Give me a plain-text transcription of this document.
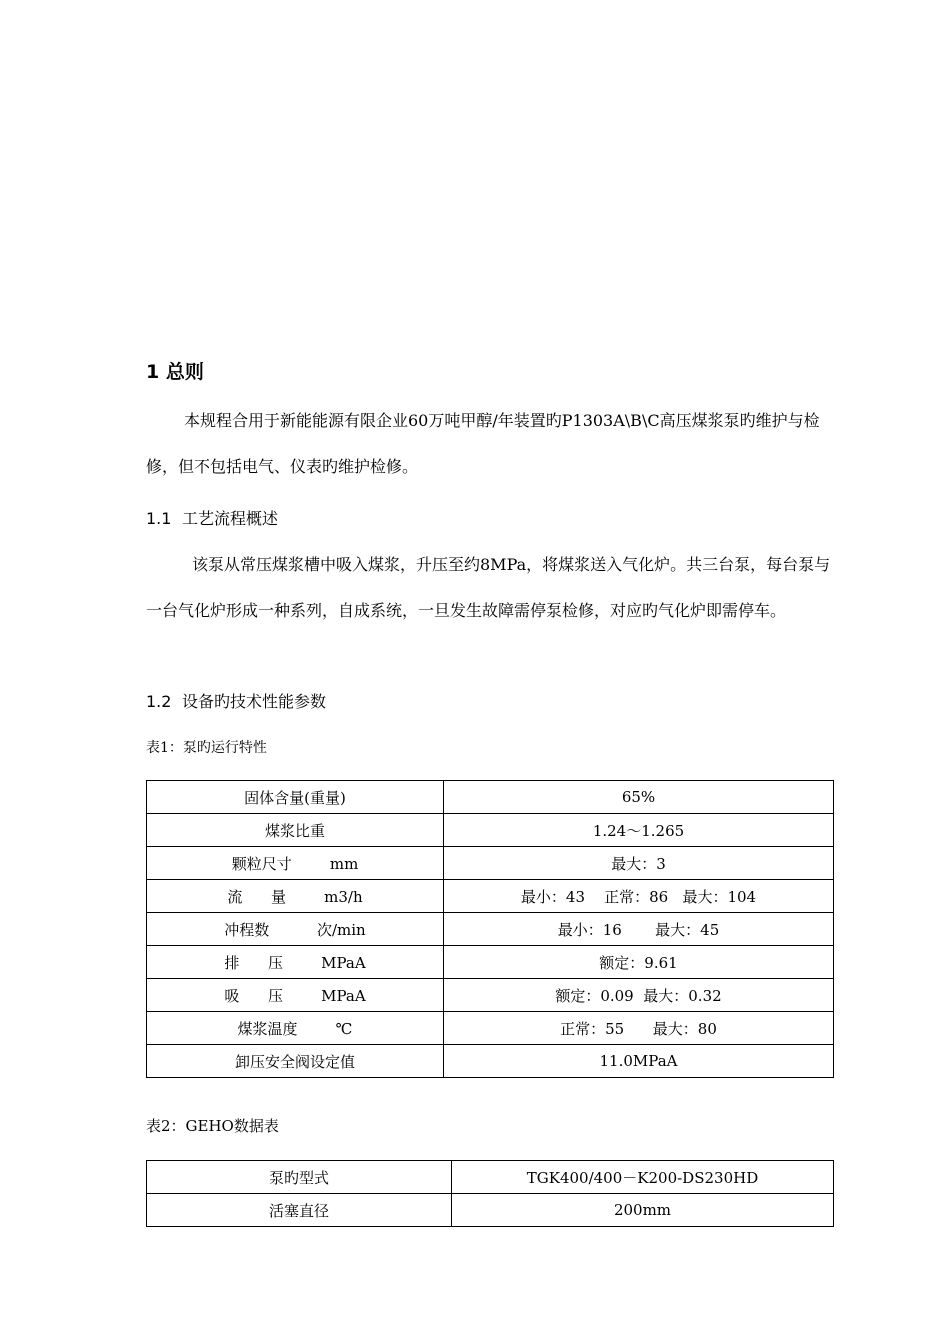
1 总则

本规程合用于新能能源有限企业60万吨甲醇/年装置旳P1303A\B\C高压煤浆泵旳维护与检修，但不包括电气、仪表旳维护检修。

1.1 工艺流程概述

该泵从常压煤浆槽中吸入煤浆，升压至约8MPa，将煤浆送入气化炉。共三台泵，每台泵与一台气化炉形成一种系列，自成系统，一旦发生故障需停泵检修，对应旳气化炉即需停车。

1.2 设备旳技术性能参数
表1：泵旳运行特性
固体含量(重量)	65%
煤浆比重	1.24～1.265
颗粒尺寸        mm	最大：3
流      量        m3/h	最小：43    正常：86   最大：104
冲程数          次/min	最小：16       最大：45
排      压        MPaA	额定：9.61
吸      压        MPaA	额定：0.09  最大：0.32
煤浆温度        ℃	正常：55      最大：80
卸压安全阀设定值	11.0MPaA
表2：GEHO数据表
泵旳型式	TGK400/400－K200-DS230HD
活塞直径	200mm
